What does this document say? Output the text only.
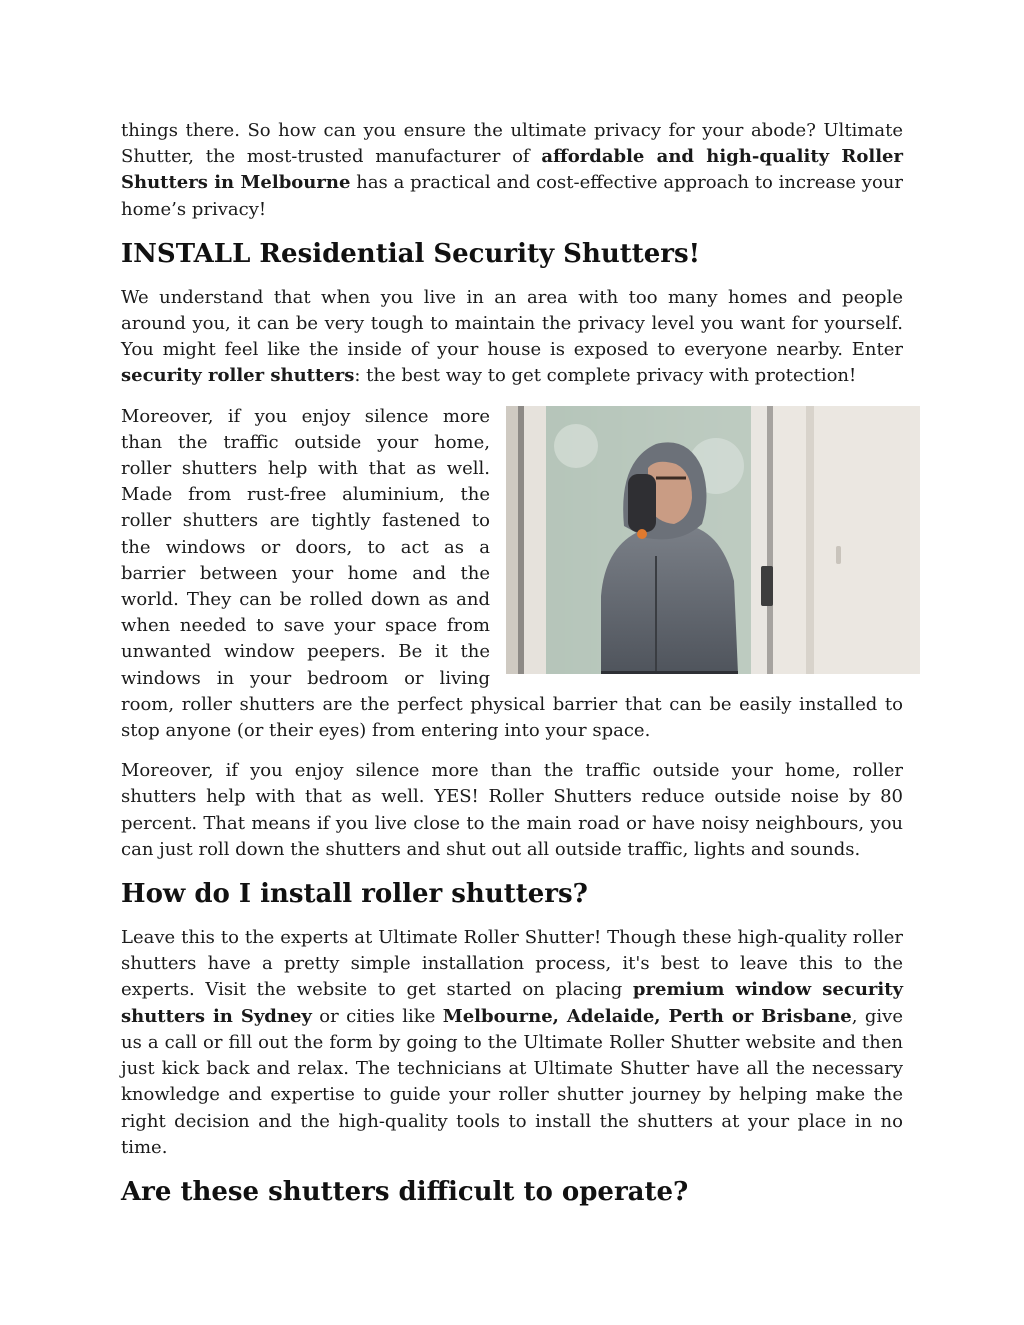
things there. So how can you ensure the ultimate privacy for your abode? Ultimate Shutter, the most-trusted manufacturer of affordable and high-quality Roller Shutters in Melbourne has a practical and cost-effective approach to increase your home’s privacy!

INSTALL Residential Security Shutters!

We understand that when you live in an area with too many homes and people around you, it can be very tough to maintain the privacy level you want for yourself. You might feel like the inside of your house is exposed to everyone nearby. Enter security roller shutters: the best way to get complete privacy with protection!

Moreover, if you enjoy silence more than the traffic outside your home, roller shutters help with that as well. Made from rust-free aluminium, the roller shutters are tightly fastened to the windows or doors, to act as a barrier between your home and the world. They can be rolled down as and when needed to save your space from unwanted window peepers. Be it the windows in your bedroom or living room, roller shutters are the perfect physical barrier that can be easily installed to stop anyone (or their eyes) from entering into your space.

Moreover, if you enjoy silence more than the traffic outside your home, roller shutters help with that as well. YES! Roller Shutters reduce outside noise by 80 percent. That means if you live close to the main road or have noisy neighbours, you can just roll down the shutters and shut out all outside traffic, lights and sounds.

How do I install roller shutters?

Leave this to the experts at Ultimate Roller Shutter! Though these high-quality roller shutters have a pretty simple installation process, it's best to leave this to the experts. Visit the website to get started on placing premium window security shutters in Sydney or cities like Melbourne, Adelaide, Perth or Brisbane, give us a call or fill out the form by going to the Ultimate Roller Shutter website and then just kick back and relax. The technicians at Ultimate Shutter have all the necessary knowledge and expertise to guide your roller shutter journey by helping make the right decision and the high-quality tools to install the shutters at your place in no time.

Are these shutters difficult to operate?
